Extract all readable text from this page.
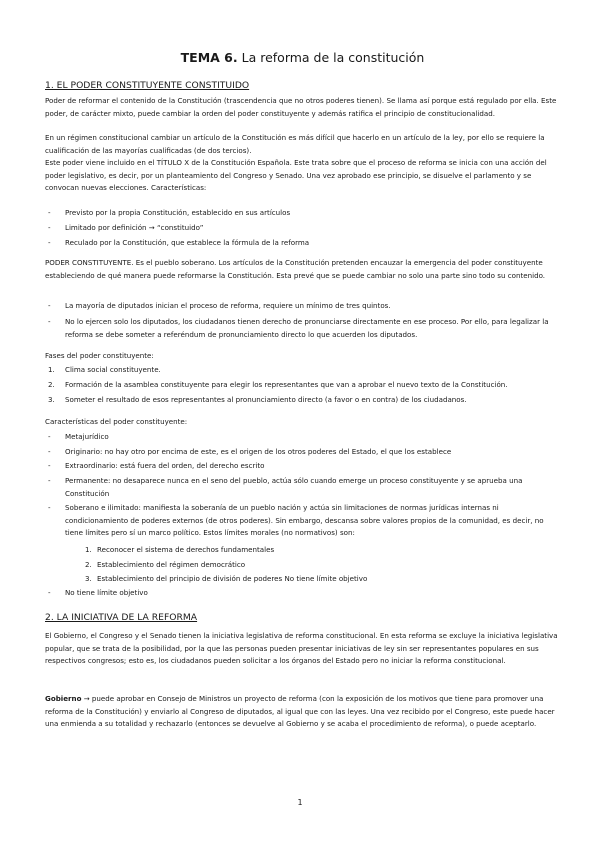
TEMA 6. La reforma de la constitución
1. EL PODER CONSTITUYENTE CONSTITUIDO

Poder de reformar el contenido de la Constitución (trascendencia que no otros poderes tienen). Se llama así porque está regulado por ella. Este poder, de carácter mixto, puede cambiar la orden del poder constituyente y además ratifica el principio de constitucionalidad.

En un régimen constitucional cambiar un artículo de la Constitución es más difícil que hacerlo en un artículo de la ley, por ello se requiere la cualificación de las mayorías cualificadas (de dos tercios).

Este poder viene incluido en el TÍTULO X de la Constitución Española. Este trata sobre que el proceso de reforma se inicia con una acción del poder legislativo, es decir, por un planteamiento del Congreso y Senado. Una vez aprobado ese principio, se disuelve el parlamento y se convocan nuevas elecciones. Características:

- Previsto por la propia Constitución, establecido en sus artículos
- Limitado por definición → “constituido”
- Reculado por la Constitución, que establece la fórmula de la reforma

PODER CONSTITUYENTE. Es el pueblo soberano. Los artículos de la Constitución pretenden encauzar la emergencia del poder constituyente estableciendo de qué manera puede reformarse la Constitución. Esta prevé que se puede cambiar no solo una parte sino todo su contenido.

- La mayoría de diputados inician el proceso de reforma, requiere un mínimo de tres quintos.
- No lo ejercen solo los diputados, los ciudadanos tienen derecho de pronunciarse directamente en ese proceso. Por ello, para legalizar la reforma se debe someter a referéndum de pronunciamiento directo lo que acuerden los diputados.

Fases del poder constituyente:

1. Clima social constituyente.
2. Formación de la asamblea constituyente para elegir los representantes que van a aprobar el nuevo texto de la Constitución.
3. Someter el resultado de esos representantes al pronunciamiento directo (a favor o en contra) de los ciudadanos.

Características del poder constituyente:

- Metajurídico
- Originario: no hay otro por encima de este, es el origen de los otros poderes del Estado, el que los establece
- Extraordinario: está fuera del orden, del derecho escrito
- Permanente: no desaparece nunca en el seno del pueblo, actúa sólo cuando emerge un proceso constituyente y se aprueba una Constitución
- Soberano e ilimitado: manifiesta la soberanía de un pueblo nación y actúa sin limitaciones de normas jurídicas internas ni condicionamiento de poderes externos (de otros poderes). Sin embargo, descansa sobre valores propios de la comunidad, es decir, no tiene límites pero sí un marco político. Estos límites morales (no normativos) son:
1. Reconocer el sistema de derechos fundamentales
2. Establecimiento del régimen democrático
3. Establecimiento del principio de división de poderes No tiene límite objetivo
- No tiene límite objetivo
2. LA INICIATIVA DE LA REFORMA

El Gobierno, el Congreso y el Senado tienen la iniciativa legislativa de reforma constitucional. En esta reforma se excluye la iniciativa legislativa popular, que se trata de la posibilidad, por la que las personas pueden presentar iniciativas de ley sin ser representantes populares en sus respectivos congresos; esto es, los ciudadanos pueden solicitar a los órganos del Estado pero no iniciar la reforma constitucional.

Gobierno → puede aprobar en Consejo de Ministros un proyecto de reforma (con la exposición de los motivos que tiene para promover una reforma de la Constitución) y enviarlo al Congreso de diputados, al igual que con las leyes. Una vez recibido por el Congreso, este puede hacer una enmienda a su totalidad y rechazarlo (entonces se devuelve al Gobierno y se acaba el procedimiento de reforma), o puede aceptarlo.

1
